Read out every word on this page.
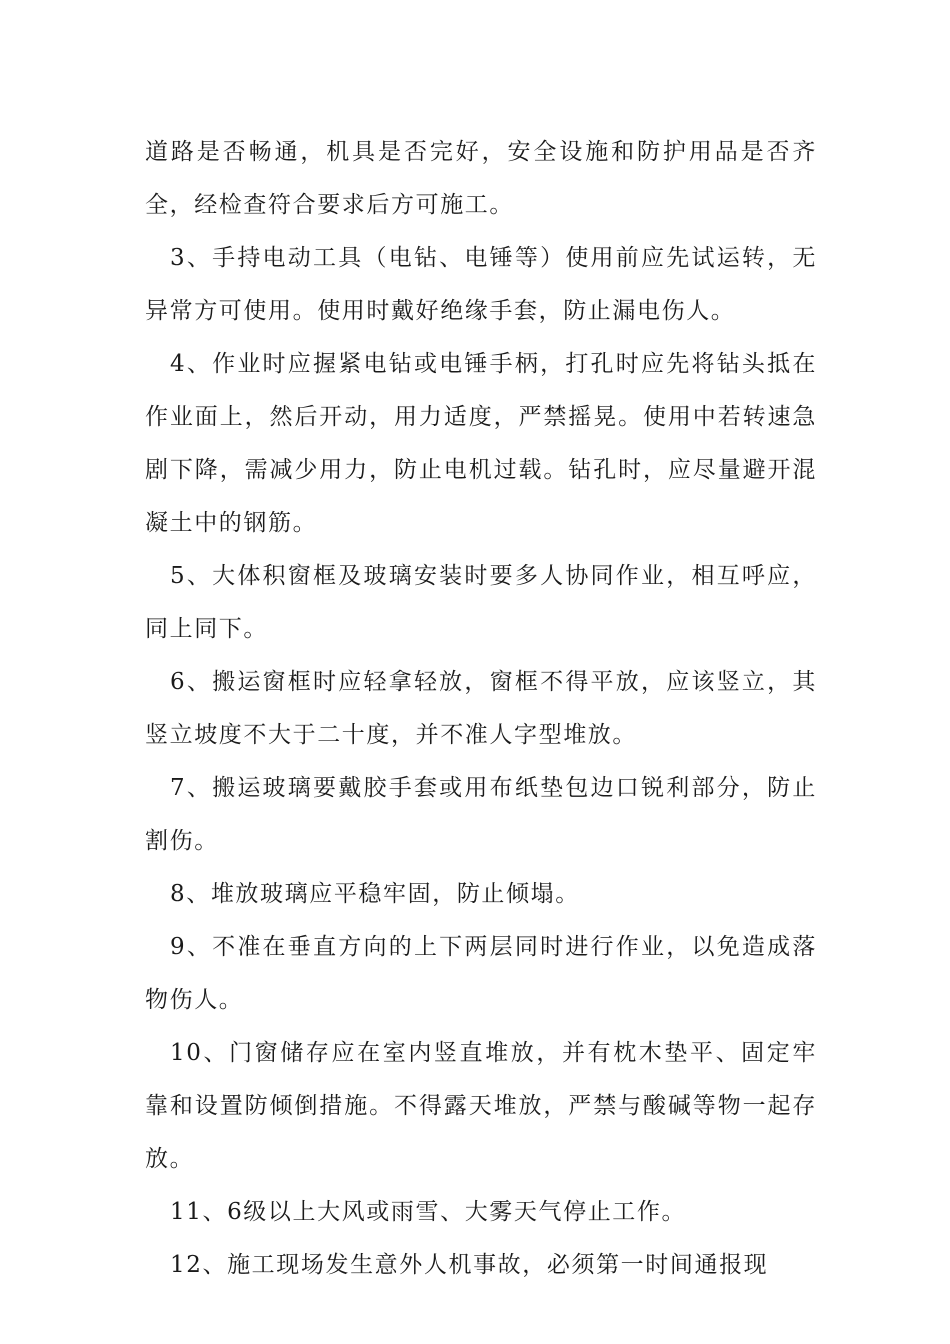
道路是否畅通，机具是否完好，安全设施和防护用品是否齐全，经检查符合要求后方可施工。

3、手持电动工具（电钻、电锤等）使用前应先试运转，无异常方可使用。使用时戴好绝缘手套，防止漏电伤人。

4、作业时应握紧电钻或电锤手柄，打孔时应先将钻头抵在作业面上，然后开动，用力适度，严禁摇晃。使用中若转速急剧下降，需减少用力，防止电机过载。钻孔时，应尽量避开混凝土中的钢筋。

5、大体积窗框及玻璃安装时要多人协同作业，相互呼应，同上同下。

6、搬运窗框时应轻拿轻放，窗框不得平放，应该竖立，其竖立坡度不大于二十度，并不准人字型堆放。

7、搬运玻璃要戴胶手套或用布纸垫包边口锐利部分，防止割伤。

8、堆放玻璃应平稳牢固，防止倾塌。

9、不准在垂直方向的上下两层同时进行作业，以免造成落物伤人。

10、门窗储存应在室内竖直堆放，并有枕木垫平、固定牢靠和设置防倾倒措施。不得露天堆放，严禁与酸碱等物一起存放。

11、6级以上大风或雨雪、大雾天气停止工作。

12、施工现场发生意外人机事故，必须第一时间通报现
